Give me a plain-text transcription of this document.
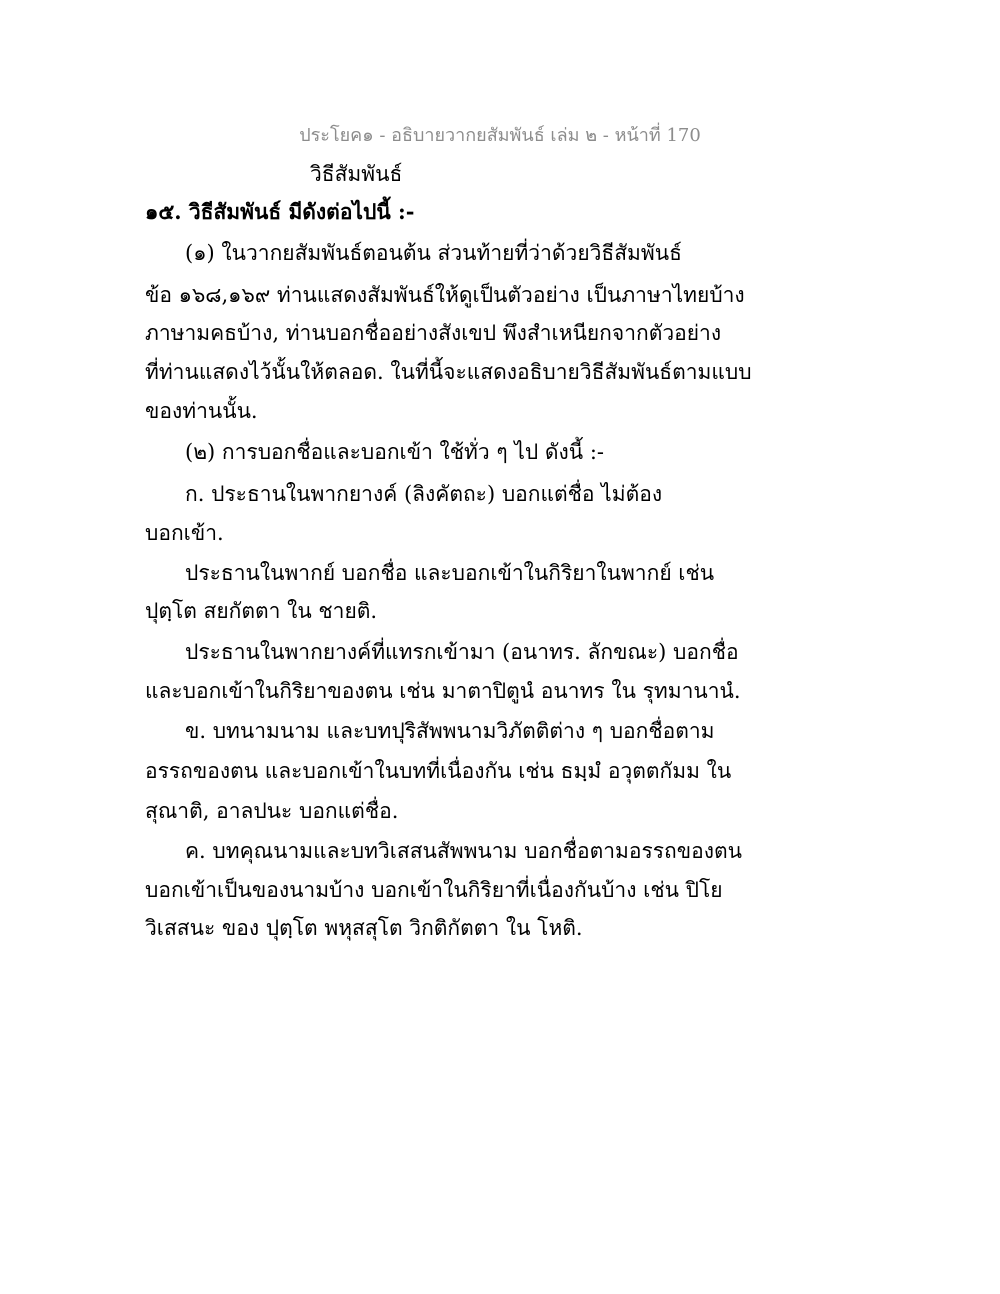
ประโยค๑ - อธิบายวากยสัมพันธ์ เล่ม ๒ - หน้าที่ 170
วิธีสัมพันธ์
๑๕. วิธีสัมพันธ์ มีดังต่อไปนี้ :-
(๑) ในวากยสัมพันธ์ตอนต้น ส่วนท้ายที่ว่าด้วยวิธีสัมพันธ์
ข้อ ๑๖๘,๑๖๙ ท่านแสดงสัมพันธ์ให้ดูเป็นตัวอย่าง เป็นภาษาไทยบ้าง
ภาษามคธบ้าง, ท่านบอกชื่ออย่างสังเขป พึงสำเหนียกจากตัวอย่าง
ที่ท่านแสดงไว้นั้นให้ตลอด. ในที่นี้จะแสดงอธิบายวิธีสัมพันธ์ตามแบบ
ของท่านนั้น.
(๒) การบอกชื่อและบอกเข้า ใช้ทั่ว ๆ ไป ดังนี้ :-
ก. ประธานในพากยางค์ (ลิงคัตถะ) บอกแต่ชื่อ ไม่ต้อง
บอกเข้า.
ประธานในพากย์ บอกชื่อ และบอกเข้าในกิริยาในพากย์ เช่น
ปุตฺโต สยกัตตา ใน ชายติ.
ประธานในพากยางค์ที่แทรกเข้ามา (อนาทร. ลักขณะ) บอกชื่อ
และบอกเข้าในกิริยาของตน เช่น มาตาปิตูนํ อนาทร ใน รุทมานานํ.
ข. บทนามนาม และบทปุริสัพพนามวิภัตติต่าง ๆ บอกชื่อตาม
อรรถของตน และบอกเข้าในบทที่เนื่องกัน เช่น ธมฺมํ อวุตตกัมม ใน
สุณาติ, อาลปนะ บอกแต่ชื่อ.
ค. บทคุณนามและบทวิเสสนสัพพนาม บอกชื่อตามอรรถของตน
บอกเข้าเป็นของนามบ้าง บอกเข้าในกิริยาที่เนื่องกันบ้าง เช่น ปิโย
วิเสสนะ ของ ปุตฺโต พหุสสุโต วิกติกัตตา ใน โหติ.
